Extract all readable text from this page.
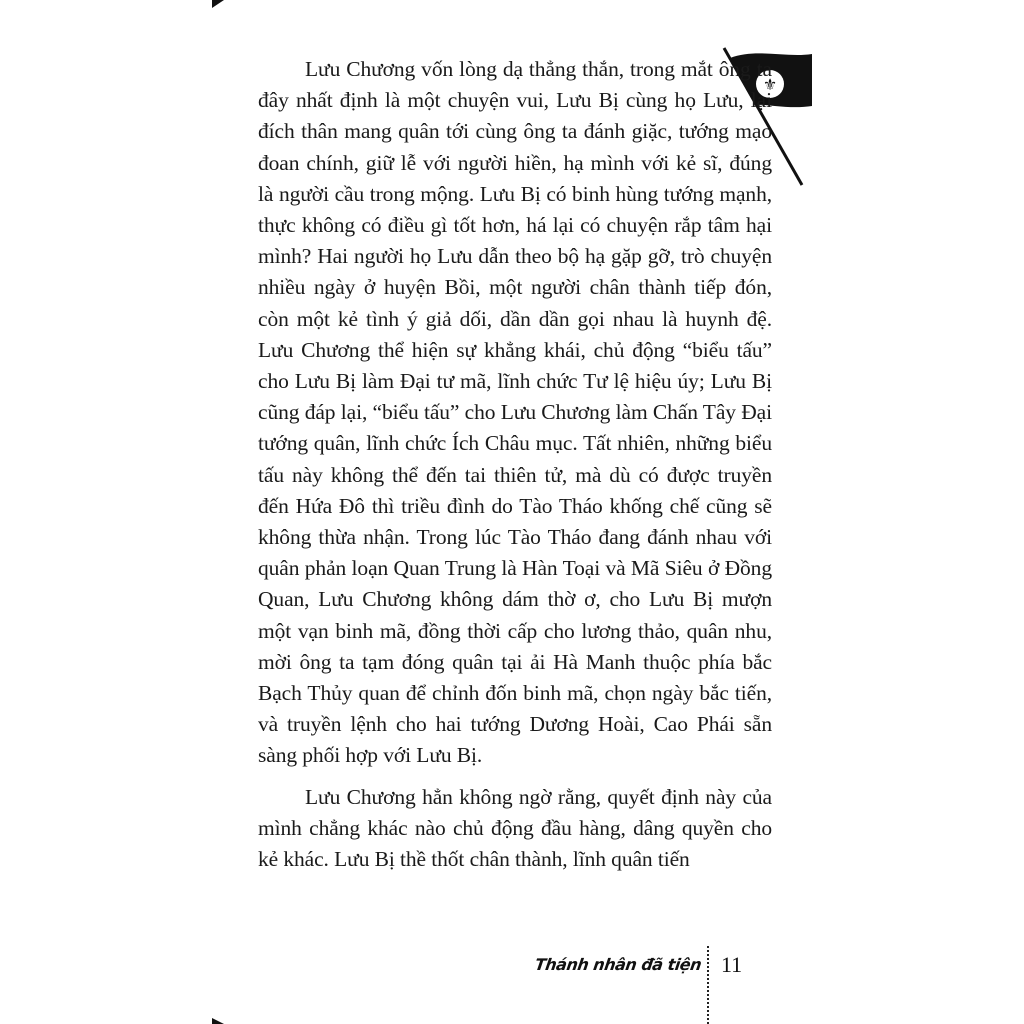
⚜

Lưu Chương vốn lòng dạ thẳng thắn, trong mắt ông ta đây nhất định là một chuyện vui, Lưu Bị cùng họ Lưu, lại đích thân mang quân tới cùng ông ta đánh giặc, tướng mạo đoan chính, giữ lễ với người hiền, hạ mình với kẻ sĩ, đúng là người cầu trong mộng. Lưu Bị có binh hùng tướng mạnh, thực không có điều gì tốt hơn, há lại có chuyện rắp tâm hại mình? Hai người họ Lưu dẫn theo bộ hạ gặp gỡ, trò chuyện nhiều ngày ở huyện Bồi, một người chân thành tiếp đón, còn một kẻ tình ý giả dối, dần dần gọi nhau là huynh đệ. Lưu Chương thể hiện sự khẳng khái, chủ động “biểu tấu” cho Lưu Bị làm Đại tư mã, lĩnh chức Tư lệ hiệu úy; Lưu Bị cũng đáp lại, “biểu tấu” cho Lưu Chương làm Chấn Tây Đại tướng quân, lĩnh chức Ích Châu mục. Tất nhiên, những biểu tấu này không thể đến tai thiên tử, mà dù có được truyền đến Hứa Đô thì triều đình do Tào Tháo khống chế cũng sẽ không thừa nhận. Trong lúc Tào Tháo đang đánh nhau với quân phản loạn Quan Trung là Hàn Toại và Mã Siêu ở Đồng Quan, Lưu Chương không dám thờ ơ, cho Lưu Bị mượn một vạn binh mã, đồng thời cấp cho lương thảo, quân nhu, mời ông ta tạm đóng quân tại ải Hà Manh thuộc phía bắc Bạch Thủy quan để chỉnh đốn binh mã, chọn ngày bắc tiến, và truyền lệnh cho hai tướng Dương Hoài, Cao Phái sẵn sàng phối hợp với Lưu Bị.

Lưu Chương hẳn không ngờ rằng, quyết định này của mình chẳng khác nào chủ động đầu hàng, dâng quyền cho kẻ khác. Lưu Bị thề thốt chân thành, lĩnh quân tiến

Thánh nhân đã tiện 11
